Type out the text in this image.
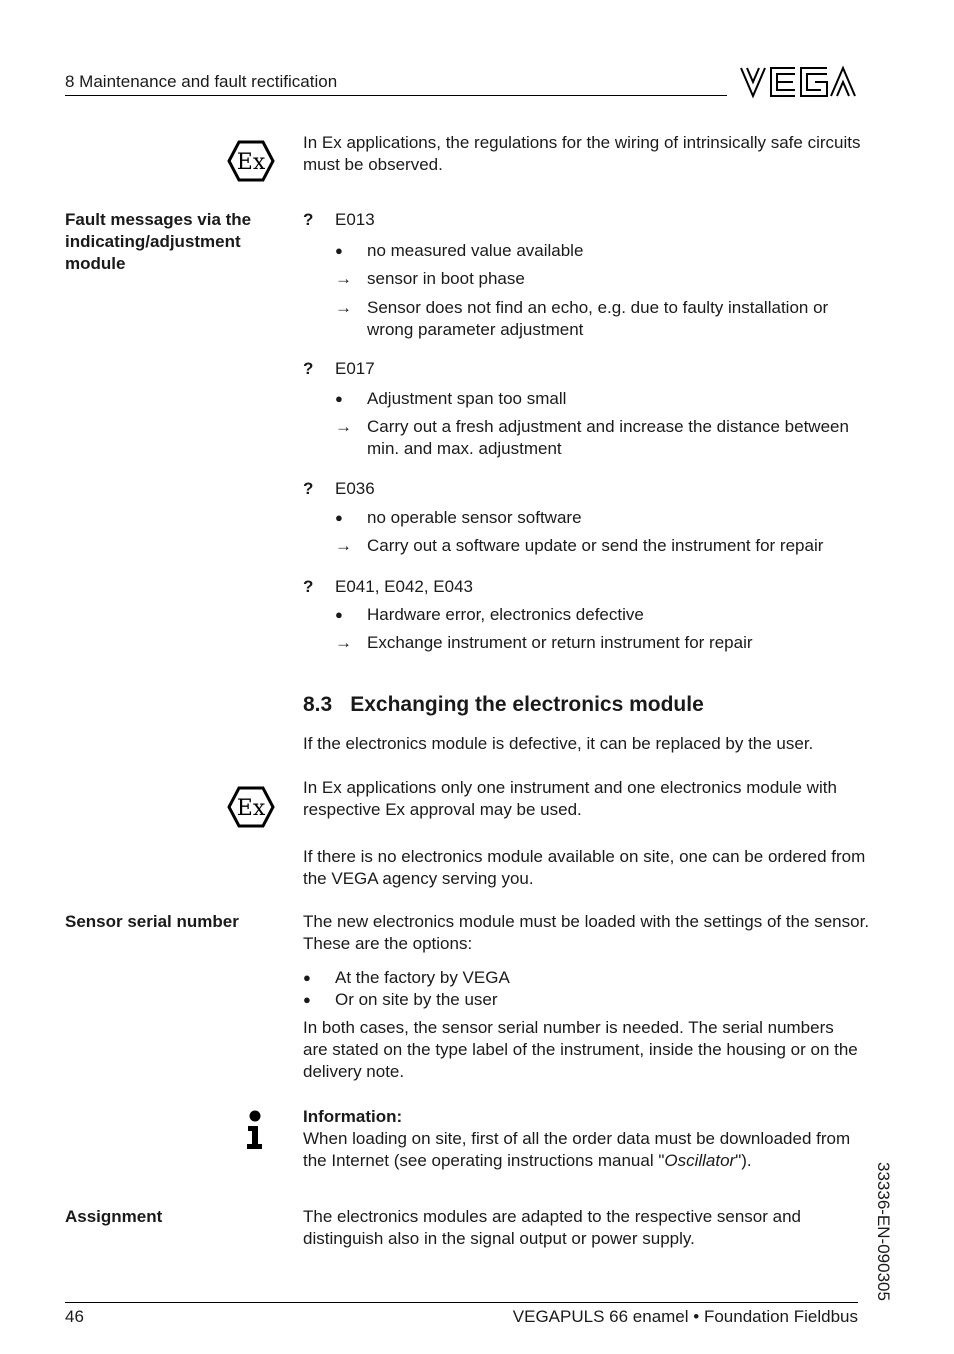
8 Maintenance and fault rectification
Ex
In Ex applications, the regulations for the wiring of intrinsically safe circuits must be observed.
Fault messages via the indicating/adjustment module
? E013
● no measured value available
→ sensor in boot phase
→ Sensor does not find an echo, e.g. due to faulty installation or wrong parameter adjustment
? E017
● Adjustment span too small
→ Carry out a fresh adjustment and increase the distance between min. and max. adjustment
? E036
● no operable sensor software
→ Carry out a software update or send the instrument for repair
? E041, E042, E043
● Hardware error, electronics defective
→ Exchange instrument or return instrument for repair
8.3 Exchanging the electronics module
If the electronics module is defective, it can be replaced by the user.
Ex
In Ex applications only one instrument and one electronics module with respective Ex approval may be used.
If there is no electronics module available on site, one can be ordered from the VEGA agency serving you.
Sensor serial number	The new electronics module must be loaded with the settings of the sensor. These are the options:
● At the factory by VEGA
● Or on site by the user
In both cases, the sensor serial number is needed. The serial numbers are stated on the type label of the instrument, inside the housing or on the delivery note.
Information:
When loading on site, first of all the order data must be downloaded from the Internet (see operating instructions manual "Oscillator").
Assignment	The electronics modules are adapted to the respective sensor and distinguish also in the signal output or power supply.	33336-EN-090305
46	VEGAPULS 66 enamel • Foundation Fieldbus
